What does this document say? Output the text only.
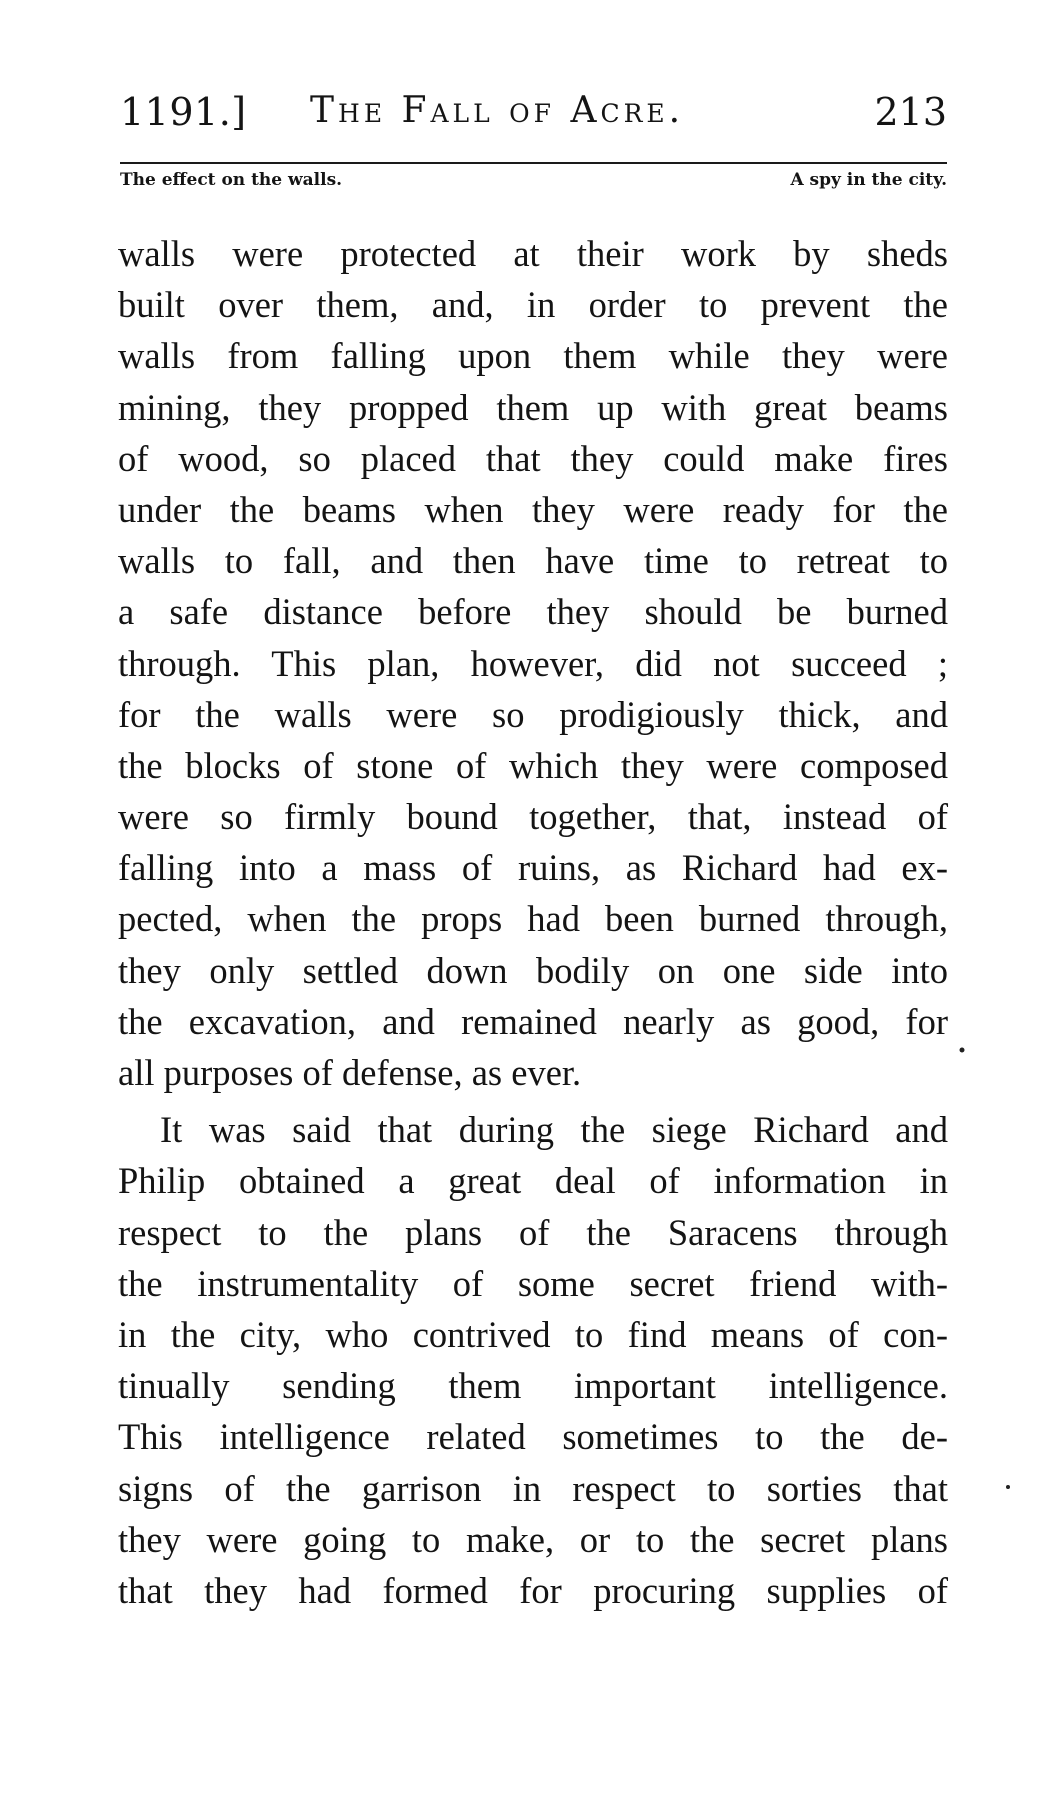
1191.] The Fall of Acre.	213
The effect on the walls.	A spy in the city.
walls were protected at their work by sheds
built over them, and, in order to prevent the
walls from falling upon them while they were
mining, they propped them up with great beams
of wood, so placed that they could make fires
under the beams when they were ready for the
walls to fall, and then have time to retreat to
a safe distance before they should be burned
through. This plan, however, did not succeed ;
for the walls were so prodigiously thick, and
the blocks of stone of which they were composed
were so firmly bound together, that, instead of
falling into a mass of ruins, as Richard had ex-
pected, when the props had been burned through,
they only settled down bodily on one side into
the excavation, and remained nearly as good, for
all purposes of defense, as ever.
It was said that during the siege Richard and
Philip obtained a great deal of information in
respect to the plans of the Saracens through
the instrumentality of some secret friend with-
in the city, who contrived to find means of con-
tinually sending them important intelligence.
This intelligence related sometimes to the de-
signs of the garrison in respect to sorties that
they were going to make, or to the secret plans
that they had formed for procuring supplies of
